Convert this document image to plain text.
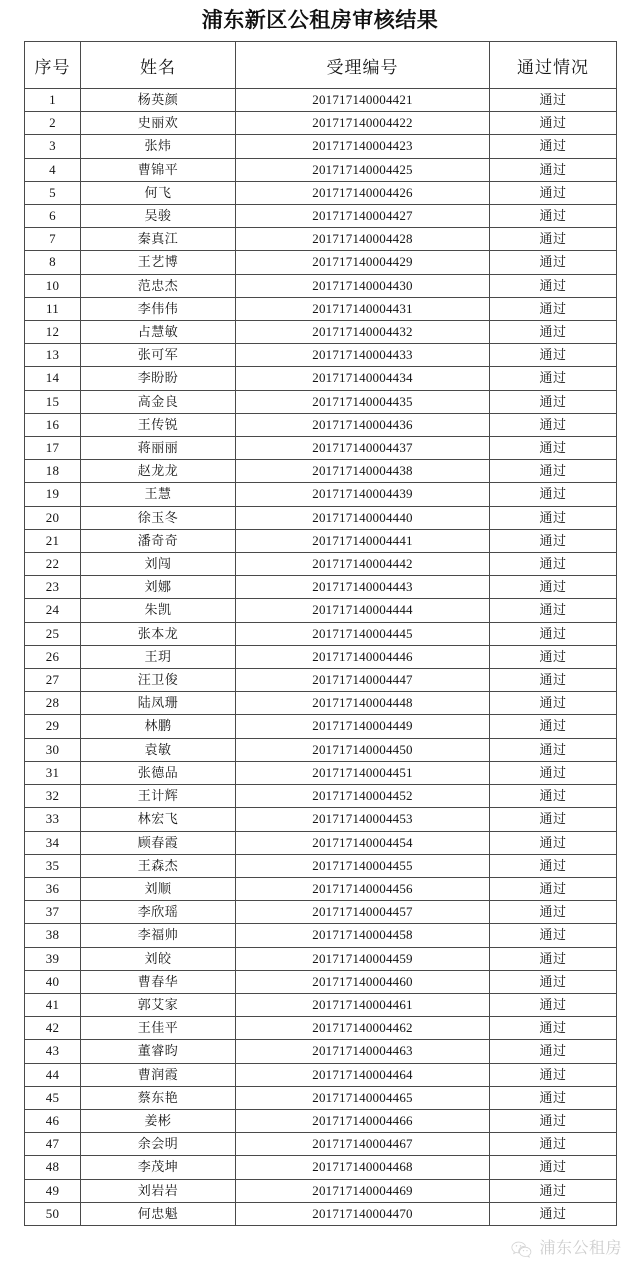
浦东新区公租房审核结果
序号	姓名	受理编号	通过情况
1	杨英颜	201717140004421	通过
2	史丽欢	201717140004422	通过
3	张炜	201717140004423	通过
4	曹锦平	201717140004425	通过
5	何飞	201717140004426	通过
6	吴骏	201717140004427	通过
7	秦真江	201717140004428	通过
8	王艺博	201717140004429	通过
10	范忠杰	201717140004430	通过
11	李伟伟	201717140004431	通过
12	占慧敏	201717140004432	通过
13	张可军	201717140004433	通过
14	李盼盼	201717140004434	通过
15	高金良	201717140004435	通过
16	王传锐	201717140004436	通过
17	蒋丽丽	201717140004437	通过
18	赵龙龙	201717140004438	通过
19	王慧	201717140004439	通过
20	徐玉冬	201717140004440	通过
21	潘奇奇	201717140004441	通过
22	刘闯	201717140004442	通过
23	刘娜	201717140004443	通过
24	朱凯	201717140004444	通过
25	张本龙	201717140004445	通过
26	王玥	201717140004446	通过
27	汪卫俊	201717140004447	通过
28	陆凤珊	201717140004448	通过
29	林鹏	201717140004449	通过
30	袁敏	201717140004450	通过
31	张德品	201717140004451	通过
32	王计辉	201717140004452	通过
33	林宏飞	201717140004453	通过
34	顾春霞	201717140004454	通过
35	王森杰	201717140004455	通过
36	刘顺	201717140004456	通过
37	李欣瑶	201717140004457	通过
38	李福帅	201717140004458	通过
39	刘皎	201717140004459	通过
40	曹春华	201717140004460	通过
41	郭艾家	201717140004461	通过
42	王佳平	201717140004462	通过
43	董睿昀	201717140004463	通过
44	曹润霞	201717140004464	通过
45	蔡东艳	201717140004465	通过
46	姜彬	201717140004466	通过
47	余会明	201717140004467	通过
48	李茂坤	201717140004468	通过
49	刘岩岩	201717140004469	通过
50	何忠魁	201717140004470	通过
浦东公租房
